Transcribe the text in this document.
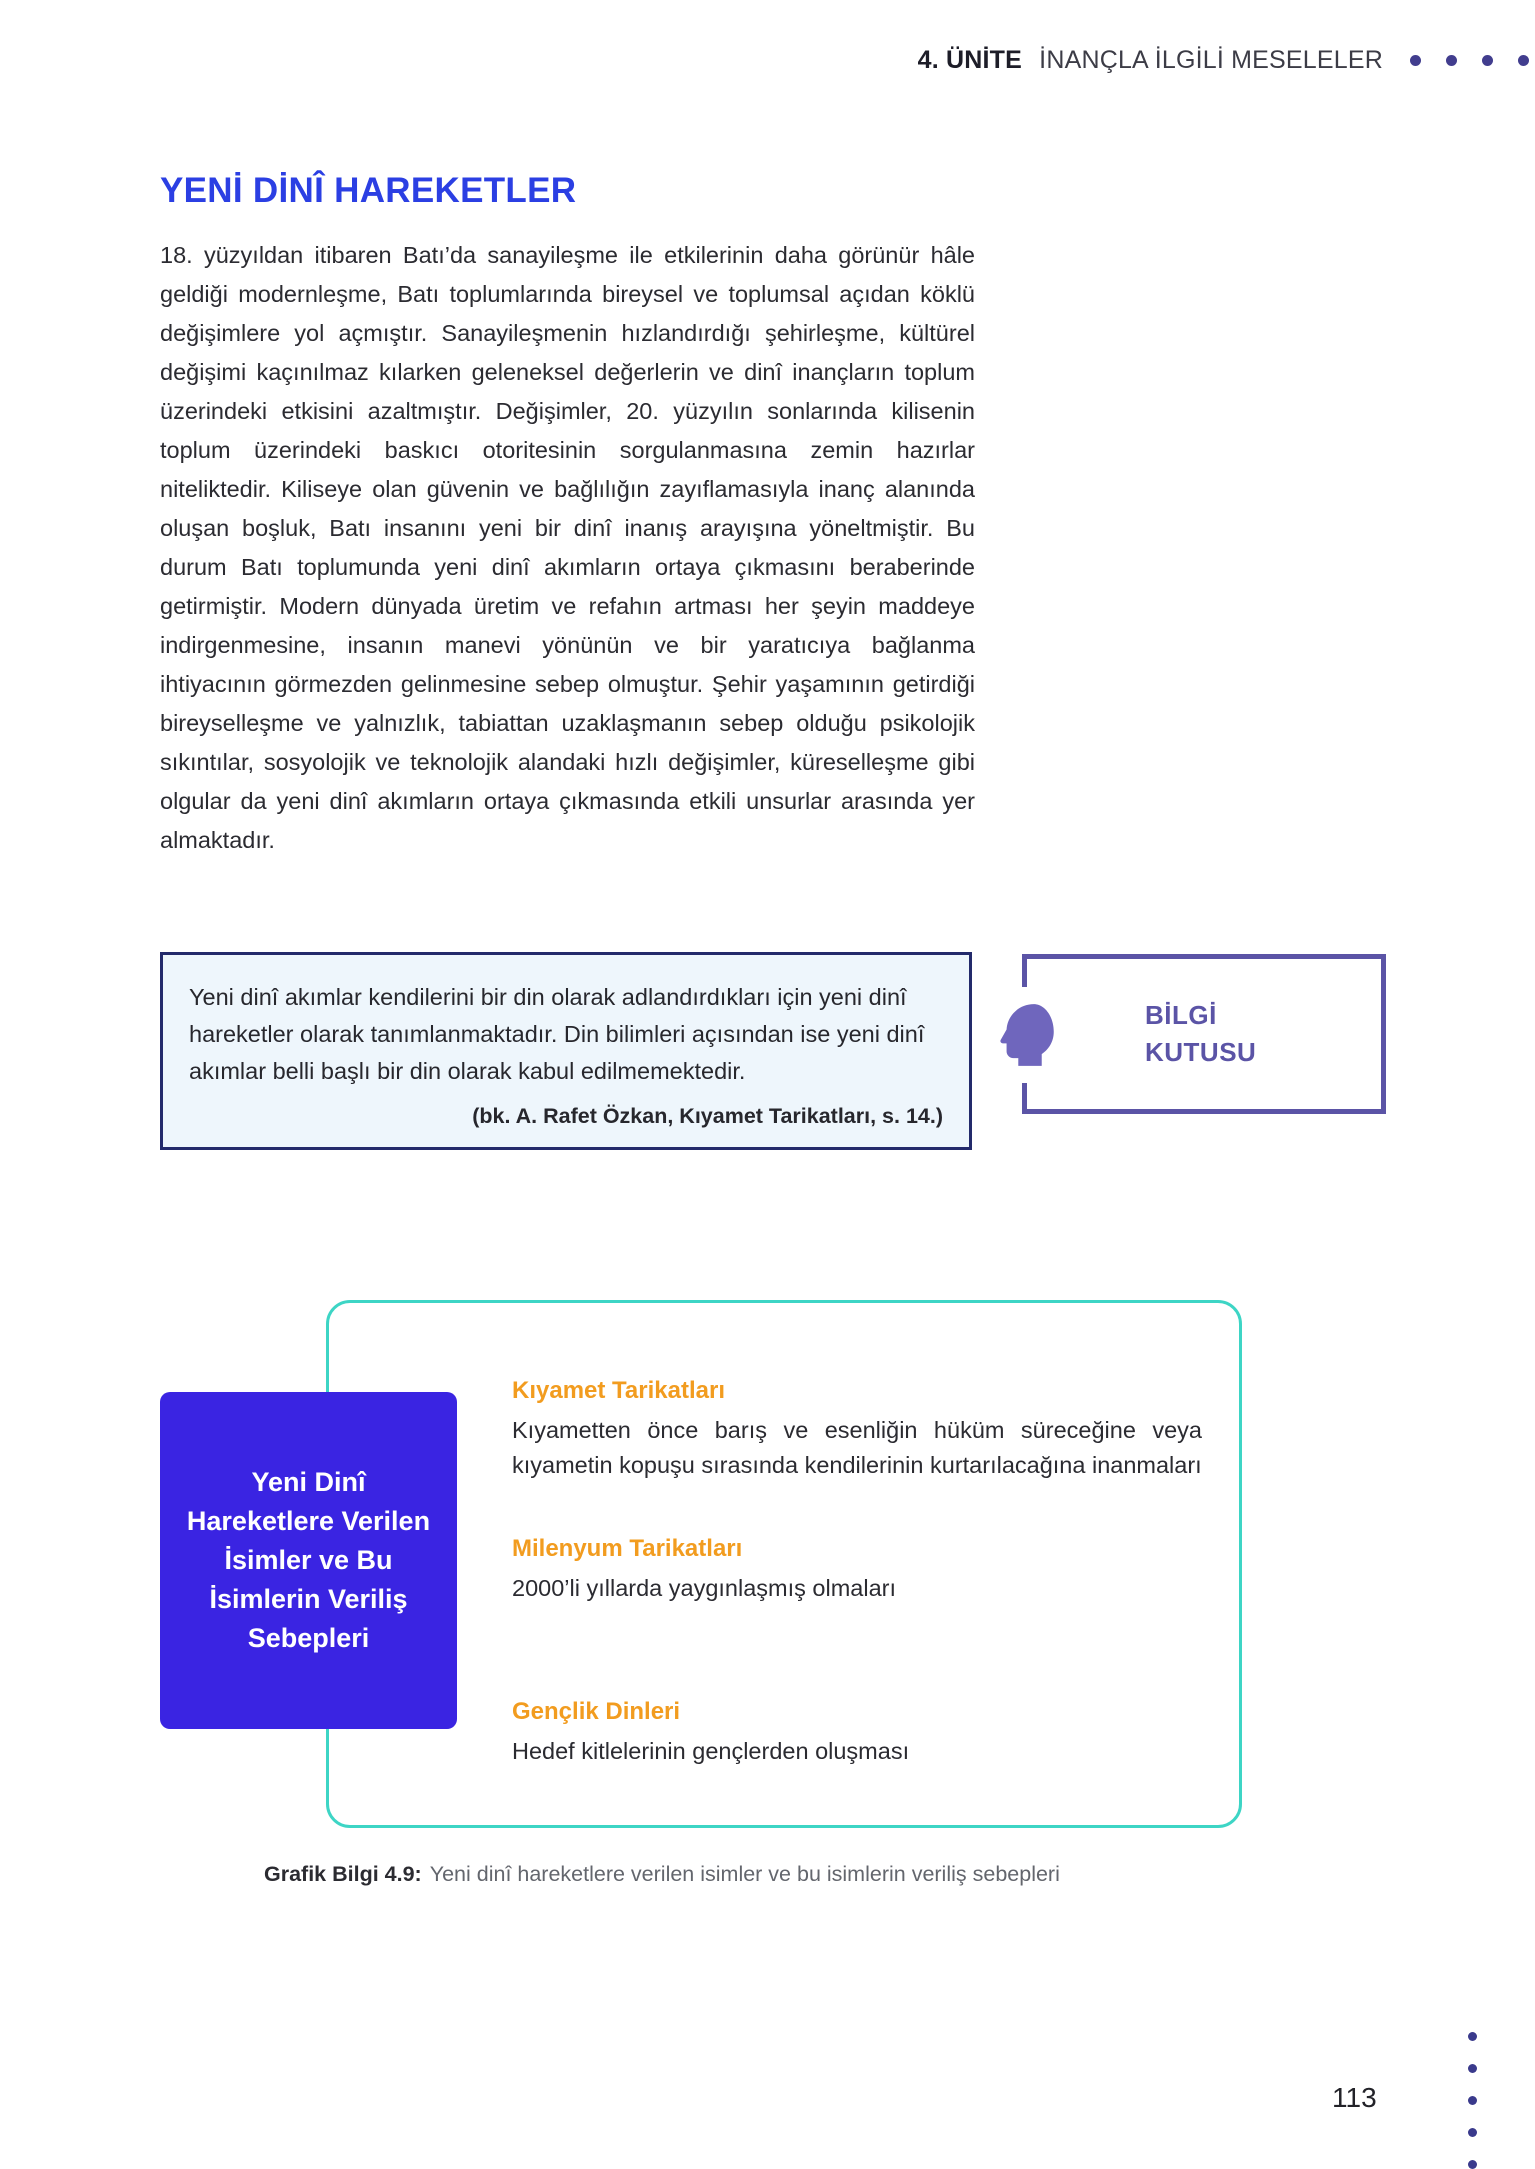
4. ÜNİTE İNANÇLA İLGİLİ MESELELER
YENİ DİNÎ HAREKETLER

18. yüzyıldan itibaren Batı’da sanayileşme ile etkilerinin daha görünür hâle geldiği modernleşme, Batı toplumlarında bireysel ve toplumsal açıdan köklü değişimlere yol açmıştır. Sanayileşmenin hızlandırdığı şehirleşme, kültürel değişimi kaçınılmaz kılarken geleneksel değerlerin ve dinî inançların toplum üzerindeki etkisini azaltmıştır. Değişimler, 20. yüzyılın sonlarında kilisenin toplum üzerindeki baskıcı otoritesinin sorgulanmasına zemin hazırlar niteliktedir. Kiliseye olan güvenin ve bağlılığın zayıflamasıyla inanç alanında oluşan boşluk, Batı insanını yeni bir dinî inanış arayışına yöneltmiştir. Bu durum Batı toplumunda yeni dinî akımların ortaya çıkmasını beraberinde getirmiştir. Modern dünyada üretim ve refahın artması her şeyin maddeye indirgenmesine, insanın manevi yönünün ve bir yaratıcıya bağlanma ihtiyacının görmezden gelinmesine sebep olmuştur. Şehir yaşamının getirdiği bireyselleşme ve yalnızlık, tabiattan uzaklaşmanın sebep olduğu psikolojik sıkıntılar, sosyolojik ve teknolojik alandaki hızlı değişimler, küreselleşme gibi olgular da yeni dinî akımların ortaya çıkmasında etkili unsurlar arasında yer almaktadır.

Yeni dinî akımlar kendilerini bir din olarak adlandırdıkları için yeni dinî hareketler olarak tanımlanmaktadır. Din bilimleri açısından ise yeni dinî akımlar belli başlı bir din olarak kabul edilmemektedir.
(bk. A. Rafet Özkan, Kıyamet Tarikatları, s. 14.)
BİLGİ
KUTUSU

Kıyamet Tarikatları

Kıyametten önce barış ve esenliğin hüküm süreceğine veya kıyametin kopuşu sırasında kendilerinin kurtarılacağına inanmaları

Milenyum Tarikatları

2000’li yıllarda yaygınlaşmış olmaları

Gençlik Dinleri

Hedef kitlelerinin gençlerden oluşması

Yeni Dinî Hareketlere Verilen İsimler ve Bu İsimlerin Veriliş Sebepleri
Grafik Bilgi 4.9: Yeni dinî hareketlere verilen isimler ve bu isimlerin veriliş sebepleri
113
